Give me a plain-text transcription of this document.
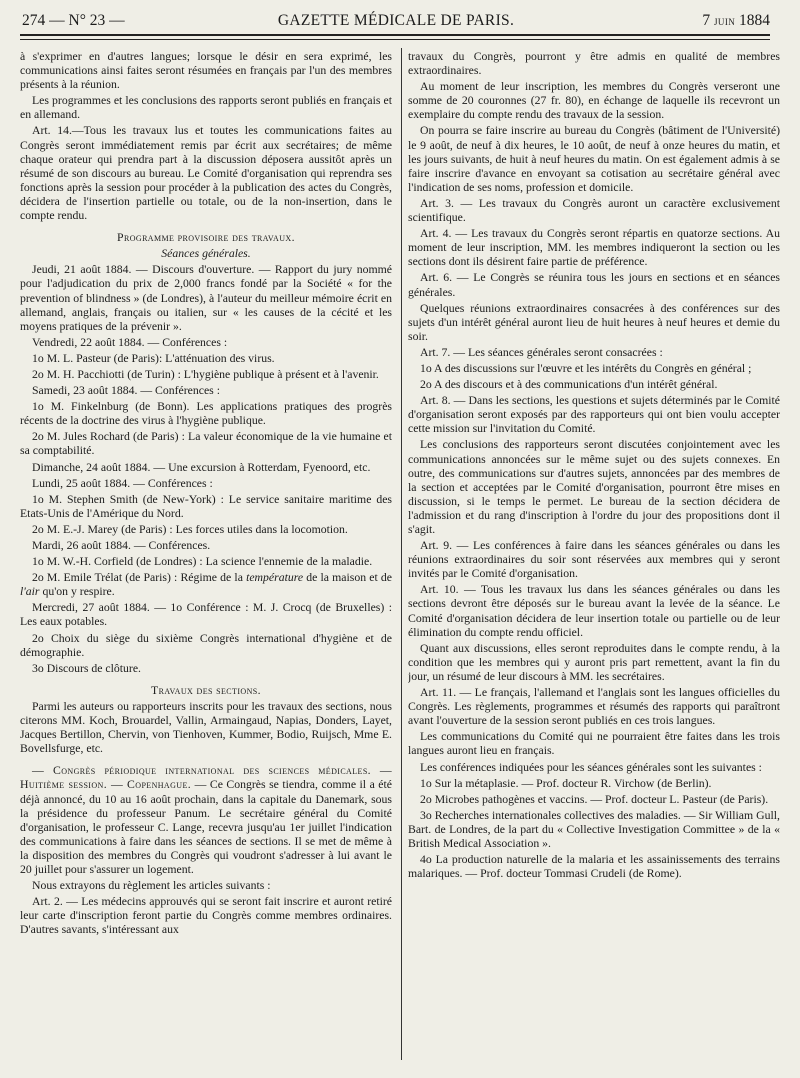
274 — N° 23 —	GAZETTE MÉDICALE DE PARIS.	7 juin 1884

à s'exprimer en d'autres langues; lorsque le désir en sera exprimé, les communications ainsi faites seront résumées en français par l'un des membres présents à la réunion.

Les programmes et les conclusions des rapports seront publiés en français et en allemand.

Art. 14.—Tous les travaux lus et toutes les communications faites au Congrès seront immédiatement remis par écrit aux secrétaires; de même chaque orateur qui prendra part à la discussion déposera aussitôt après un résumé de son discours au bureau. Le Comité d'organisation qui reprendra ses fonctions après la session pour procéder à la publication des actes du Congrès, décidera de l'insertion partielle ou totale, ou de la non-insertion, dans le compte rendu.

Programme provisoire des travaux.

Séances générales.

Jeudi, 21 août 1884. — Discours d'ouverture. — Rapport du jury nommé pour l'adjudication du prix de 2,000 francs fondé par la Société « for the prevention of blindness » (de Londres), à l'auteur du meilleur mémoire écrit en allemand, anglais, français ou italien, sur « les causes de la cécité et les moyens pratiques de la prévenir ».

Vendredi, 22 août 1884. — Conférences :

1o M. L. Pasteur (de Paris): L'atténuation des virus.

2o M. H. Pacchiotti (de Turin) : L'hygiène publique à présent et à l'avenir.

Samedi, 23 août 1884. — Conférences :

1o M. Finkelnburg (de Bonn). Les applications pratiques des progrès récents de la doctrine des virus à l'hygiène publique.

2o M. Jules Rochard (de Paris) : La valeur économique de la vie humaine et sa comptabilité.

Dimanche, 24 août 1884. — Une excursion à Rotterdam, Fyenoord, etc.

Lundi, 25 août 1884. — Conférences :

1o M. Stephen Smith (de New-York) : Le service sanitaire maritime des Etats-Unis de l'Amérique du Nord.

2o M. E.-J. Marey (de Paris) : Les forces utiles dans la locomotion.

Mardi, 26 août 1884. — Conférences.

1o M. W.-H. Corfield (de Londres) : La science l'ennemie de la maladie.

2o M. Emile Trélat (de Paris) : Régime de la température de la maison et de l'air qu'on y respire.

Mercredi, 27 août 1884. — 1o Conférence : M. J. Crocq (de Bruxelles) : Les eaux potables.

2o Choix du siège du sixième Congrès international d'hygiène et de démographie.

3o Discours de clôture.

Travaux des sections.

Parmi les auteurs ou rapporteurs inscrits pour les travaux des sections, nous citerons MM. Koch, Brouardel, Vallin, Armaingaud, Napias, Donders, Layet, Jacques Bertillon, Chervin, von Tienhoven, Kummer, Bodio, Ruijsch, Mme E. Bovellsfurge, etc.

— Congrès périodique international des sciences médicales. — Huitième session. — Copenhague. — Ce Congrès se tiendra, comme il a été déjà annoncé, du 10 au 16 août prochain, dans la capitale du Danemark, sous la présidence du professeur Panum. Le secrétaire général du Comité d'organisation, le professeur C. Lange, recevra jusqu'au 1er juillet l'indication des communications à faire dans les séances de sections. Il se met de même à la disposition des membres du Congrès qui voudront s'adresser à lui avant le 20 juillet pour s'assurer un logement.

Nous extrayons du règlement les articles suivants :

Art. 2. — Les médecins approuvés qui se seront fait inscrire et auront retiré leur carte d'inscription feront partie du Congrès comme membres ordinaires. D'autres savants, s'intéressant aux

travaux du Congrès, pourront y être admis en qualité de membres extraordinaires.

Au moment de leur inscription, les membres du Congrès verseront une somme de 20 couronnes (27 fr. 80), en échange de laquelle ils recevront un exemplaire du compte rendu des travaux de la session.

On pourra se faire inscrire au bureau du Congrès (bâtiment de l'Université) le 9 août, de neuf à dix heures, le 10 août, de neuf à onze heures du matin, et les jours suivants, de huit à neuf heures du matin. On est également admis à se faire inscrire d'avance en envoyant sa cotisation au secrétaire général avec l'indication de ses noms, profession et domicile.

Art. 3. — Les travaux du Congrès auront un caractère exclusivement scientifique.

Art. 4. — Les travaux du Congrès seront répartis en quatorze sections. Au moment de leur inscription, MM. les membres indiqueront la section ou les sections dont ils désirent faire partie de préférence.

Art. 6. — Le Congrès se réunira tous les jours en sections et en séances générales.

Quelques réunions extraordinaires consacrées à des conférences sur des sujets d'un intérêt général auront lieu de huit heures à neuf heures et demie du soir.

Art. 7. — Les séances générales seront consacrées :

1o A des discussions sur l'œuvre et les intérêts du Congrès en général ;

2o A des discours et à des communications d'un intérêt général.

Art. 8. — Dans les sections, les questions et sujets déterminés par le Comité d'organisation seront exposés par des rapporteurs qui ont bien voulu accepter cette mission sur l'invitation du Comité.

Les conclusions des rapporteurs seront discutées conjointement avec les communications annoncées sur le même sujet ou des sujets connexes. En outre, des communications sur d'autres sujets, annoncées par des membres de la section et acceptées par le Comité d'organisation, pourront être mises en discussion, si le temps le permet. Le bureau de la section décidera de l'admission et du rang d'inscription à l'ordre du jour des propositions dont il s'agit.

Art. 9. — Les conférences à faire dans les séances générales ou dans les réunions extraordinaires du soir sont réservées aux membres qui y seront invités par le Comité d'organisation.

Art. 10. — Tous les travaux lus dans les séances générales ou dans les sections devront être déposés sur le bureau avant la levée de la séance. Le Comité d'organisation décidera de leur insertion totale ou partielle ou de leur élimination du compte rendu officiel.

Quant aux discussions, elles seront reproduites dans le compte rendu, à la condition que les membres qui y auront pris part remettent, avant la fin du jour, un résumé de leur discours à MM. les secrétaires.

Art. 11. — Le français, l'allemand et l'anglais sont les langues officielles du Congrès. Les règlements, programmes et résumés des rapports qui paraîtront avant l'ouverture de la session seront publiés en ces trois langues.

Les communications du Comité qui ne pourraient être faites dans les trois langues auront lieu en français.

Les conférences indiquées pour les séances générales sont les suivantes :

1o Sur la métaplasie. — Prof. docteur R. Virchow (de Berlin).

2o Microbes pathogènes et vaccins. — Prof. docteur L. Pasteur (de Paris).

3o Recherches internationales collectives des maladies. — Sir William Gull, Bart. de Londres, de la part du « Collective Investigation Committee » de la « British Medical Association ».

4o La production naturelle de la malaria et les assainissements des terrains malariques. — Prof. docteur Tommasi Crudeli (de Rome).
